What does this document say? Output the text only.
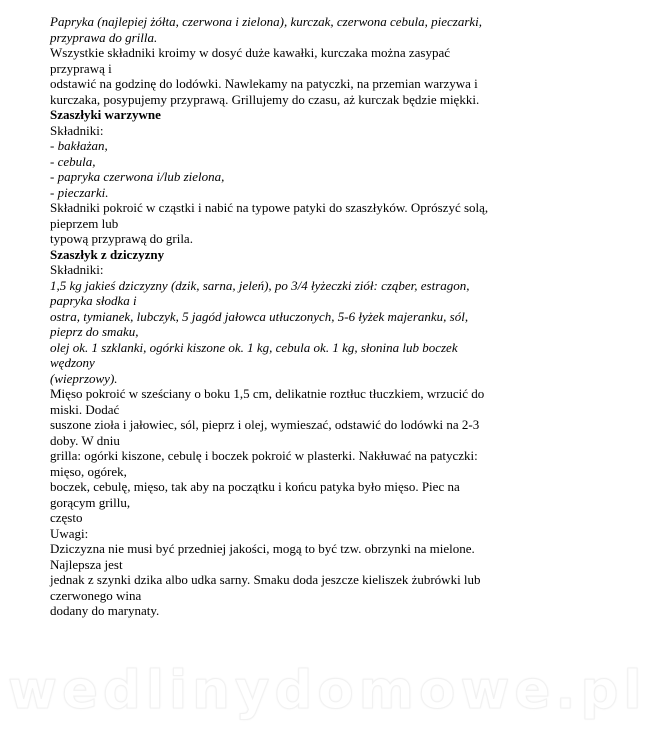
Papryka (najlepiej żółta, czerwona i zielona), kurczak, czerwona cebula, pieczarki,
przyprawa do grilla.
Wszystkie składniki kroimy w dosyć duże kawałki, kurczaka można zasypać
przyprawą i
odstawić na godzinę do lodówki. Nawlekamy na patyczki, na przemian warzywa i
kurczaka, posypujemy przyprawą. Grillujemy do czasu, aż kurczak będzie miękki.
Szaszłyki warzywne
Składniki:
- bakłażan,
- cebula,
- papryka czerwona i/lub zielona,
- pieczarki.
Składniki pokroić w cząstki i nabić na typowe patyki do szaszłyków. Oprószyć solą,
pieprzem lub
typową przyprawą do grila.
Szaszłyk z dziczyzny
Składniki:
1,5 kg jakieś dziczyzny (dzik, sarna, jeleń), po 3/4 łyżeczki ziół: cząber, estragon,
papryka słodka i
ostra, tymianek, lubczyk, 5 jagód jałowca utłuczonych, 5-6 łyżek majeranku, sól,
pieprz do smaku,
olej ok. 1 szklanki, ogórki kiszone ok. 1 kg, cebula ok. 1 kg, słonina lub boczek
wędzony
(wieprzowy).
Mięso pokroić w sześciany o boku 1,5 cm, delikatnie roztłuc tłuczkiem, wrzucić do
miski. Dodać
suszone zioła i jałowiec, sól, pieprz i olej, wymieszać, odstawić do lodówki na 2-3
doby. W dniu
grilla: ogórki kiszone, cebulę i boczek pokroić w plasterki. Nakłuwać na patyczki:
mięso, ogórek,
boczek, cebulę, mięso, tak aby na początku i końcu patyka było mięso. Piec na
gorącym grillu,
często
Uwagi:
Dziczyzna nie musi być przedniej jakości, mogą to być tzw. obrzynki na mielone.
Najlepsza jest
jednak z szynki dzika albo udka sarny. Smaku doda jeszcze kieliszek żubrówki lub
czerwonego wina
dodany do marynaty.
wedlinydomowe.pl
